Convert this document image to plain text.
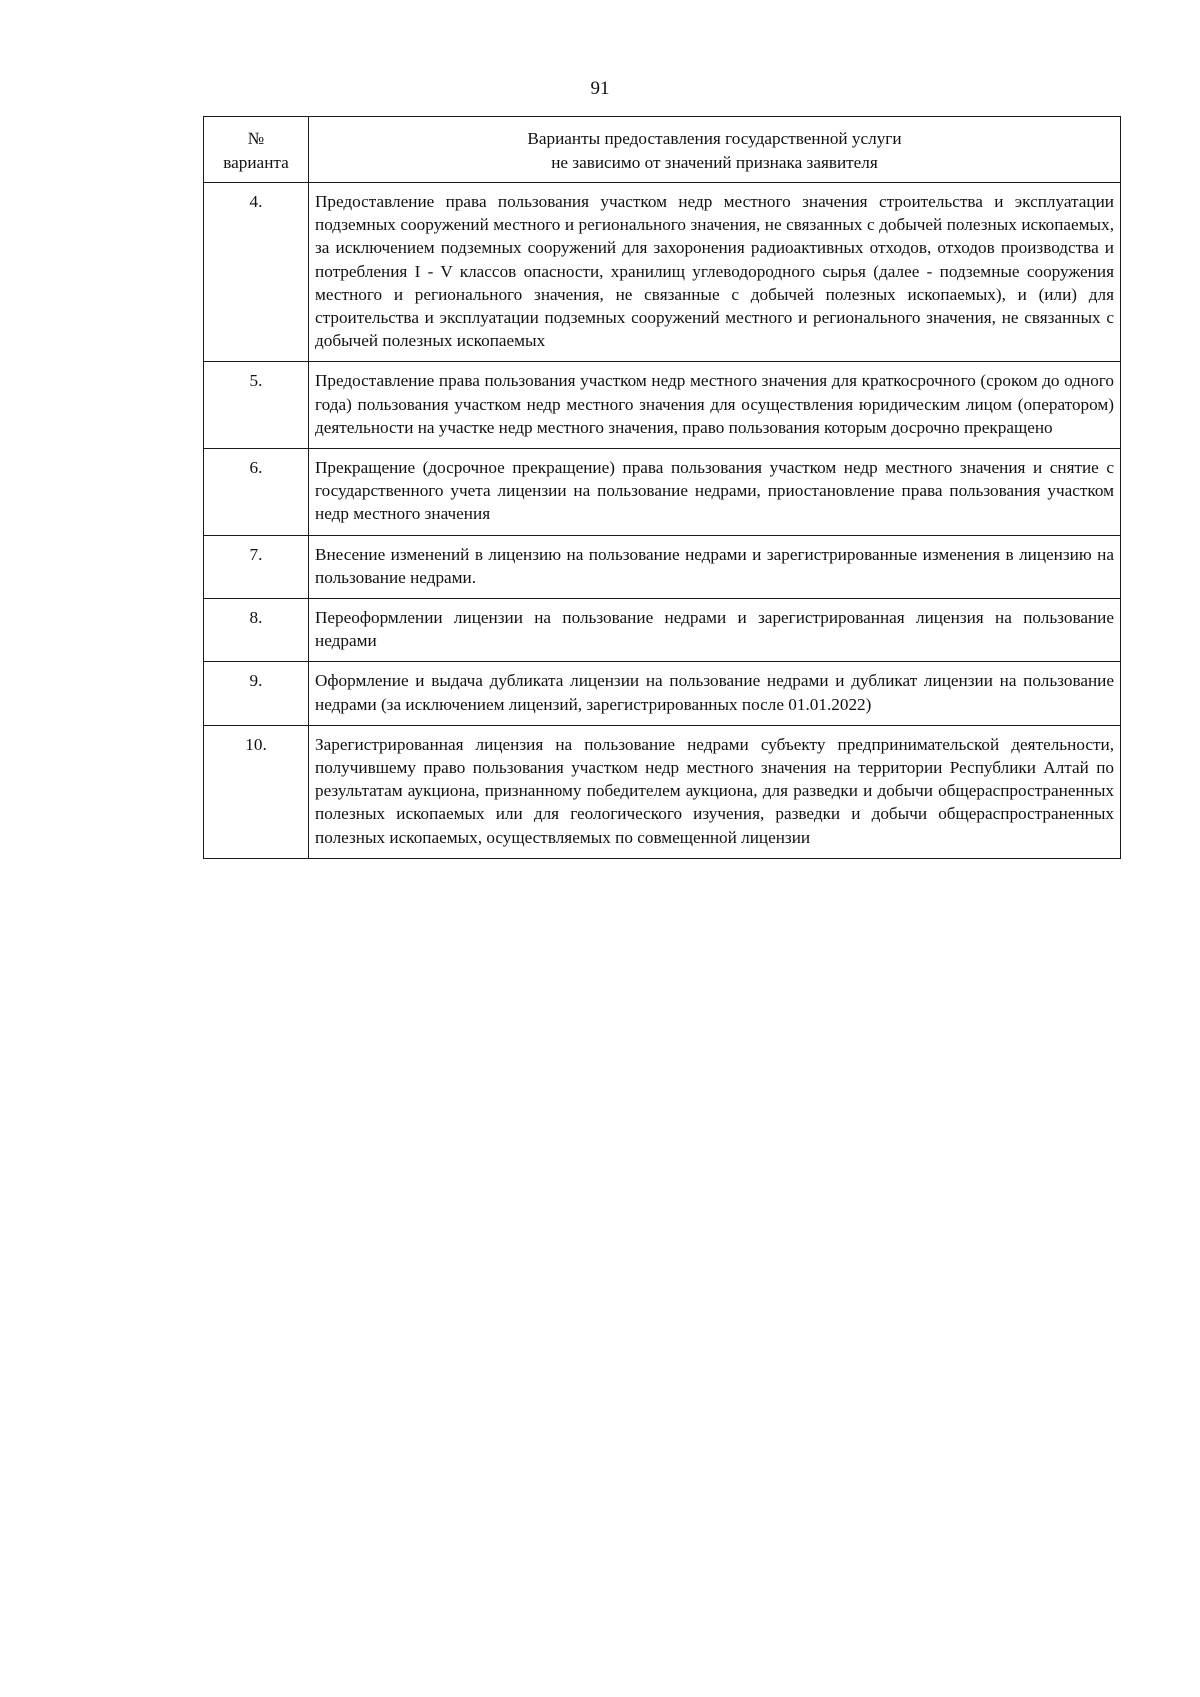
91
№
варианта	Варианты предоставления государственной услуги
не зависимо от значений признака заявителя

4.	Предоставление права пользования участком недр местного значения строительства и эксплуатации подземных сооружений местного и регионального значения, не связанных с добычей полезных ископаемых, за исключением подземных сооружений для захоронения радиоактивных отходов, отходов производства и потребления I - V классов опасности, хранилищ углеводородного сырья (далее - подземные сооружения местного и регионального значения, не связанные с добычей полезных ископаемых), и (или) для строительства и эксплуатации подземных сооружений местного и регионального значения, не связанных с добычей полезных ископаемых
5.	Предоставление права пользования участком недр местного значения для краткосрочного (сроком до одного года) пользования участком недр местного значения для осуществления юридическим лицом (оператором) деятельности на участке недр местного значения, право пользования которым досрочно прекращено
6.	Прекращение (досрочное прекращение) права пользования участком недр местного значения и снятие с государственного учета лицензии на пользование недрами, приостановление права пользования участком недр местного значения
7.	Внесение изменений в лицензию на пользование недрами и зарегистрированные изменения в лицензию на пользование недрами.
8.	Переоформлении лицензии на пользование недрами и зарегистрированная лицензия на пользование недрами
9.	Оформление и выдача дубликата лицензии на пользование недрами и дубликат лицензии на пользование недрами (за исключением лицензий, зарегистрированных после 01.01.2022)
10.	Зарегистрированная лицензия на пользование недрами субъекту предпринимательской деятельности, получившему право пользования участком недр местного значения на территории Республики Алтай по результатам аукциона, признанному победителем аукциона, для разведки и добычи общераспространенных полезных ископаемых или для геологического изучения, разведки и добычи общераспространенных полезных ископаемых, осуществляемых по совмещенной лицензии
